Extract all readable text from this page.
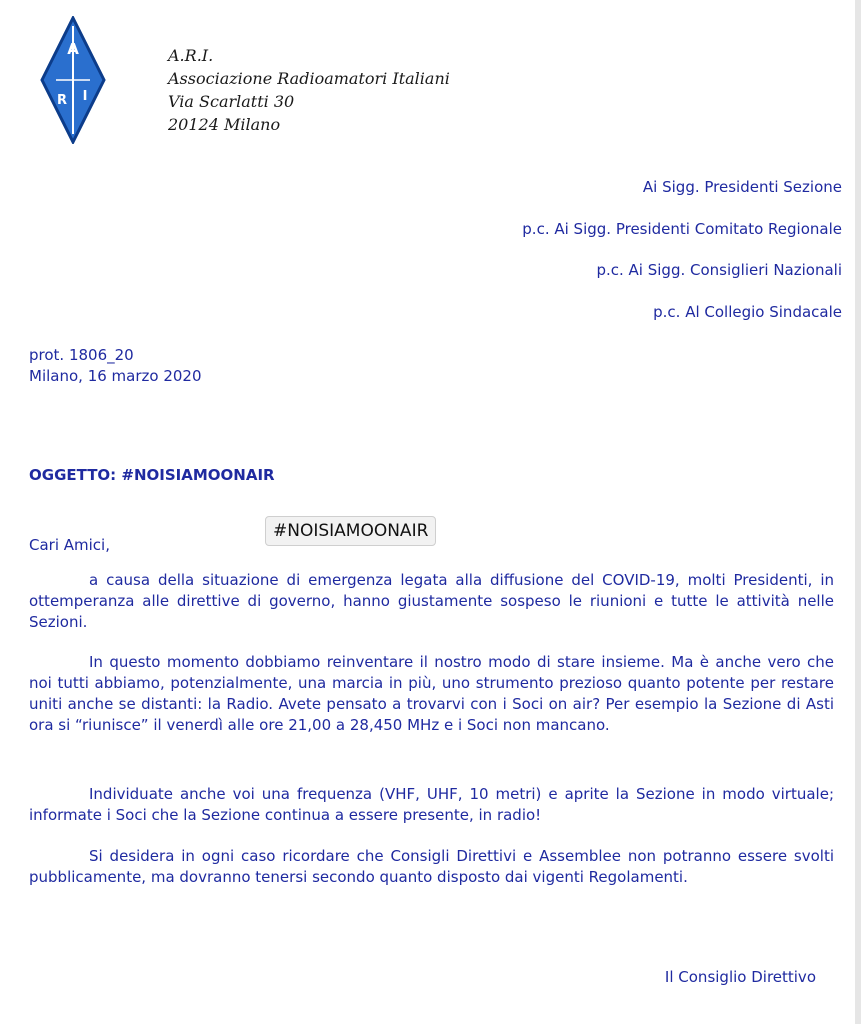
A
R I
A.R.I.
Associazione Radioamatori Italiani
Via Scarlatti 30
20124 Milano
Ai Sigg. Presidenti Sezione
p.c. Ai Sigg. Presidenti Comitato Regionale
p.c. Ai Sigg. Consiglieri Nazionali
p.c. Al Collegio Sindacale
prot. 1806_20
Milano, 16 marzo 2020
OGGETTO: #NOISIAMOONAIR
#NOISIAMOONAIR
Cari Amici,

a causa della situazione di emergenza legata alla diffusione del COVID-19, molti Presidenti, in ottemperanza alle direttive di governo, hanno giustamente sospeso le riunioni e tutte le attività nelle Sezioni.

In questo momento dobbiamo reinventare il nostro modo di stare insieme. Ma è anche vero che noi tutti abbiamo, potenzialmente, una marcia in più, uno strumento prezioso quanto potente per restare uniti anche se distanti: la Radio. Avete pensato a trovarvi con i Soci on air? Per esempio la Sezione di Asti ora si “riunisce” il venerdì alle ore 21,00 a 28,450 MHz e i Soci non mancano.

Individuate anche voi una frequenza (VHF, UHF, 10 metri) e aprite la Sezione in modo virtuale; informate i Soci che la Sezione continua a essere presente, in radio!

Si desidera in ogni caso ricordare che Consigli Direttivi e Assemblee non potranno essere svolti pubblicamente, ma dovranno tenersi secondo quanto disposto dai vigenti Regolamenti.

Il Consiglio Direttivo
